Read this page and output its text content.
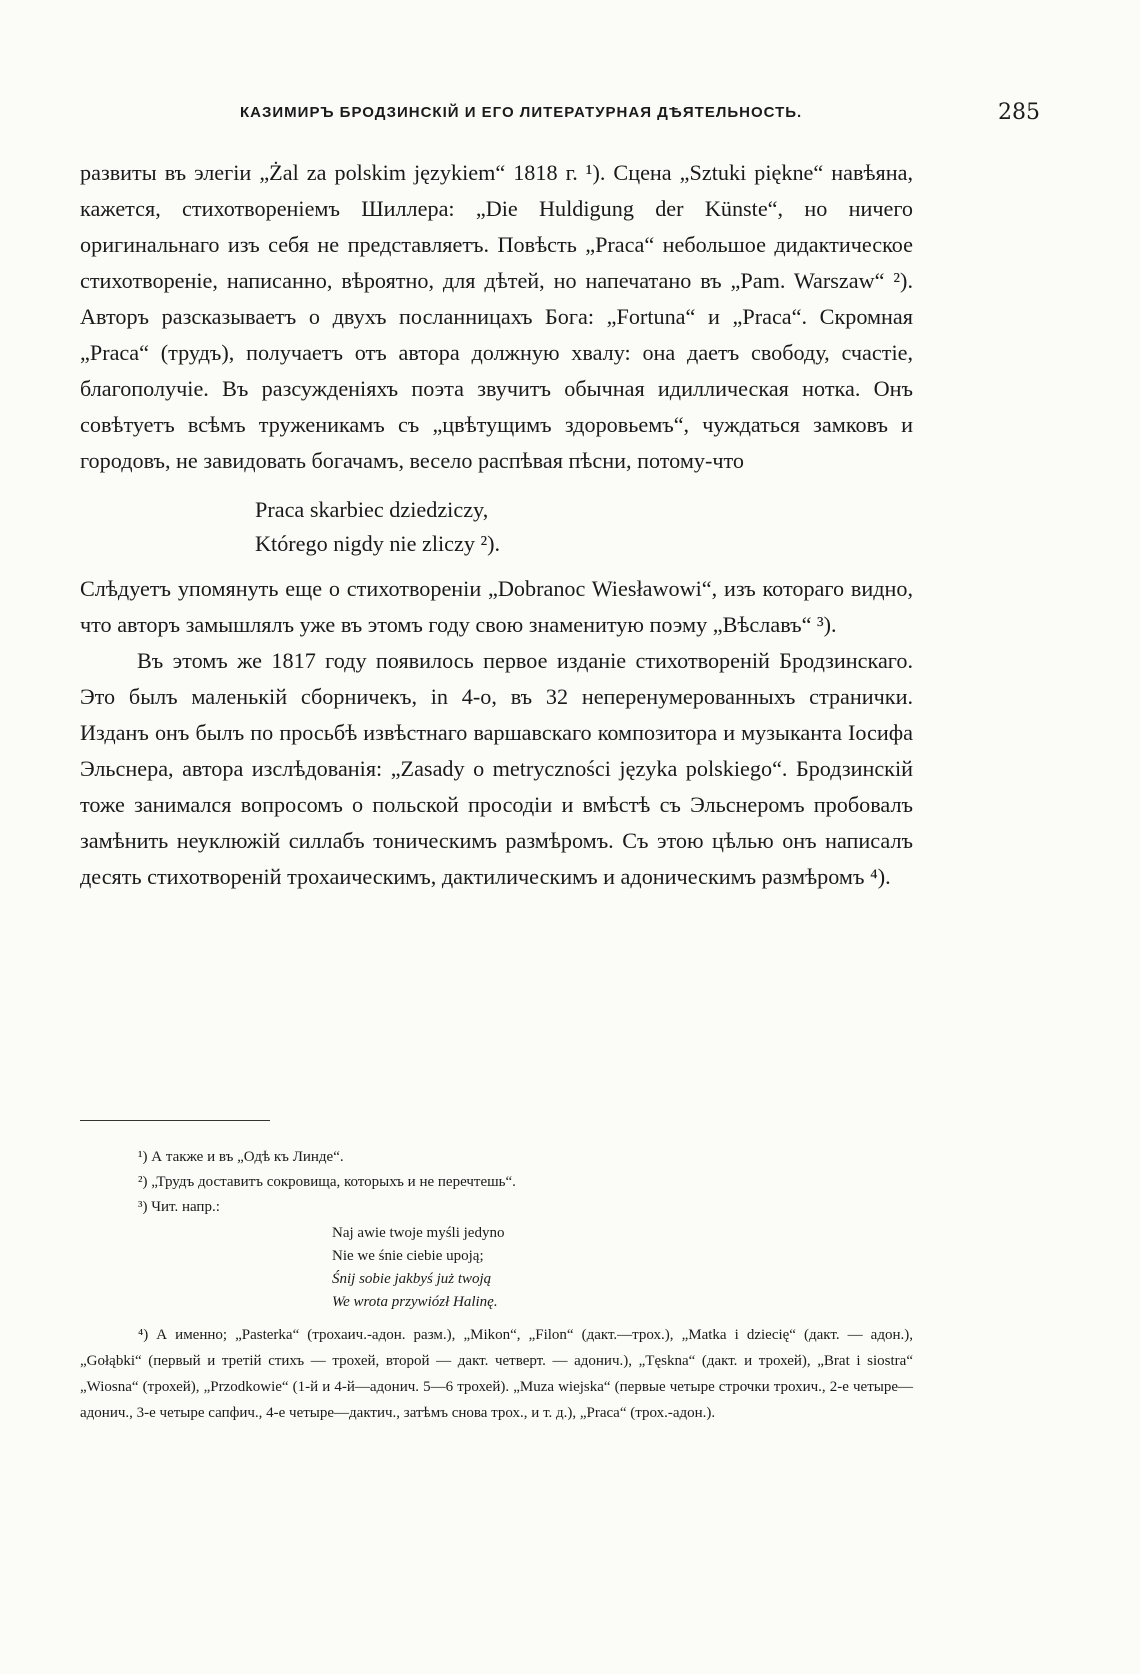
КАЗИМИРЪ БРОДЗИНСКІЙ И ЕГО ЛИТЕРАТУРНАЯ ДѢЯТЕЛЬНОСТЬ.	285

развиты въ элегіи „Żal za polskim językiem“ 1818 г. ¹). Сцена „Sztuki piękne“ навѣяна, кажется, стихотвореніемъ Шиллера: „Die Huldigung der Künste“, но ничего оригинальнаго изъ себя не представляетъ. Повѣсть „Praca“ небольшое дидактическое стихотвореніе, написанно, вѣроятно, для дѣтей, но напечатано въ „Pam. Warszaw“ ²). Авторъ разсказываетъ о двухъ посланницахъ Бога: „Fortuna“ и „Praca“. Скромная „Praca“ (трудъ), получаетъ отъ автора должную хвалу: она даетъ свободу, счастіе, благополучіе. Въ разсужденіяхъ поэта звучитъ обычная идиллическая нотка. Онъ совѣтуетъ всѣмъ труженикамъ съ „цвѣтущимъ здоровьемъ“, чуждаться замковъ и городовъ, не завидовать богачамъ, весело распѣвая пѣсни, потому-что

Praca skarbiec dziedziczy,
Którego nigdy nie zliczy ²).

Слѣдуетъ упомянуть еще о стихотвореніи „Dobranoc Wiesławowi“, изъ котораго видно, что авторъ замышлялъ уже въ этомъ году свою знаменитую поэму „Вѣславъ“ ³).

Въ этомъ же 1817 году появилось первое изданіе стихотвореній Бродзинскаго. Это былъ маленькій сборничекъ, in 4-o, въ 32 неперенумерованныхъ странички. Изданъ онъ былъ по просьбѣ извѣстнаго варшавскаго композитора и музыканта Іосифа Эльснера, автора изслѣдованія: „Zasady o metryczności języka polskiego“. Бродзинскій тоже занимался вопросомъ о польской просодіи и вмѣстѣ съ Эльснеромъ пробовалъ замѣнить неуклюжій силлабъ тоническимъ размѣромъ. Съ этою цѣлью онъ написалъ десять стихотвореній трохаическимъ, дактилическимъ и адоническимъ размѣромъ ⁴).

¹) А также и въ „Одѣ къ Линде“.
²) „Трудъ доставитъ сокровища, которыхъ и не перечтешь“.
³) Чит. напр.:
Naj awie twoje myśli jedyno
Nie we śnie ciebie upoją;
Śnij sobie jakbyś już twoją
We wrota przywiózł Halinę.
⁴) А именно; „Pasterka“ (трохаич.-адон. разм.), „Mikon“, „Filon“ (дакт.—трох.), „Matka i dziecię“ (дакт. — адон.), „Gołąbki“ (первый и третій стихъ — трохей, второй — дакт. четверт. — адонич.), „Tęskna“ (дакт. и трохей), „Brat i siostra“ „Wiosna“ (трохей), „Przodkowie“ (1-й и 4-й—адонич. 5—6 трохей). „Muza wiejska“ (первые четыре строчки трохич., 2-е четыре—адонич., 3-е четыре сапфич., 4-е четыре—дактич., затѣмъ снова трох., и т. д.), „Praca“ (трох.-адон.).
